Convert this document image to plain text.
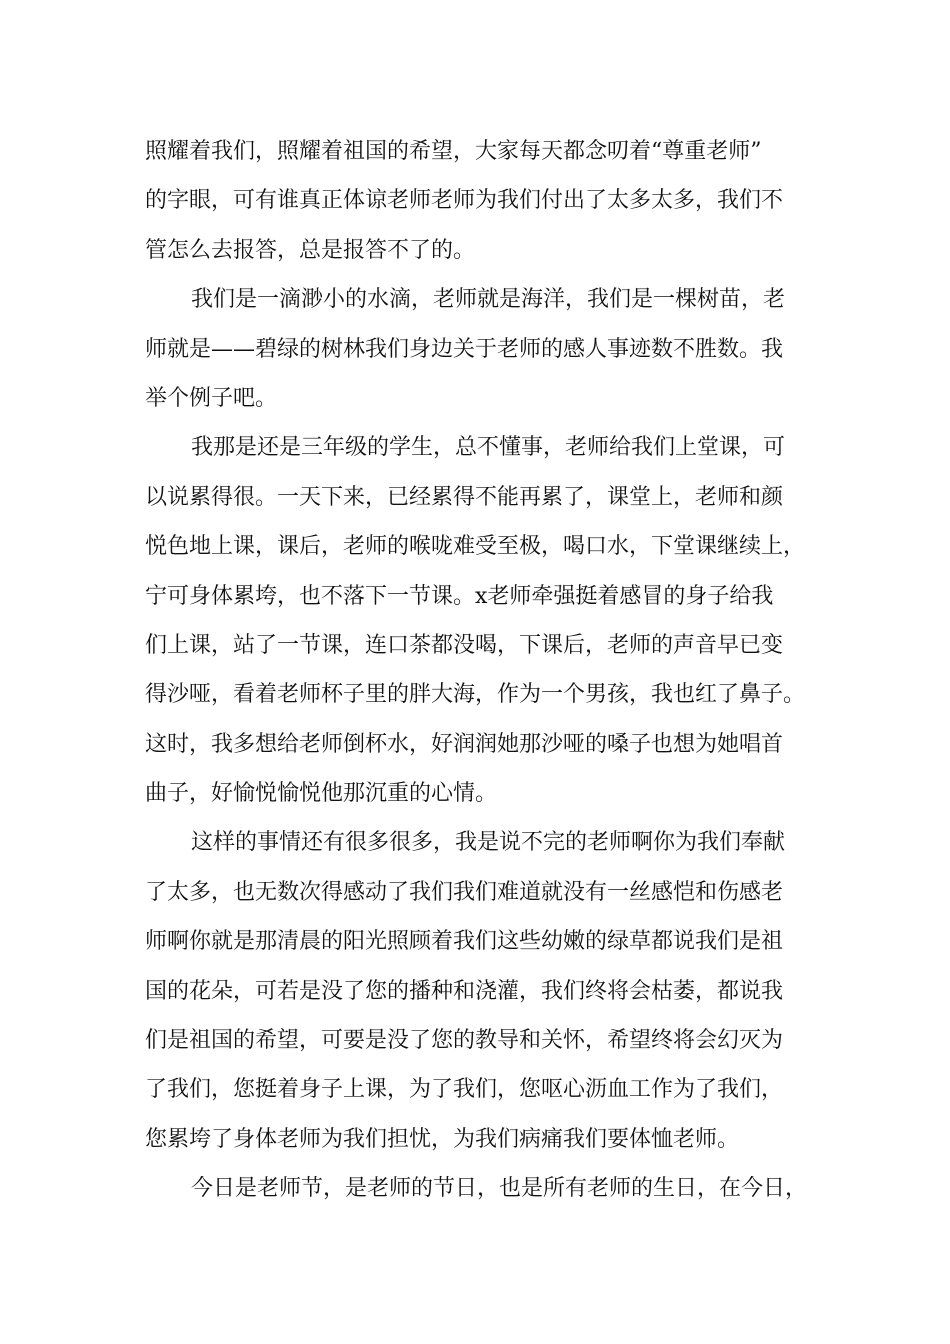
照耀着我们，照耀着祖国的希望，大家每天都念叨着“尊重老师”
的字眼，可有谁真正体谅老师老师为我们付出了太多太多，我们不
管怎么去报答，总是报答不了的。
我们是一滴渺小的水滴，老师就是海洋，我们是一棵树苗，老
师就是——碧绿的树林我们身边关于老师的感人事迹数不胜数。我
举个例子吧。
我那是还是三年级的学生，总不懂事，老师给我们上堂课，可
以说累得很。一天下来，已经累得不能再累了，课堂上，老师和颜
悦色地上课，课后，老师的喉咙难受至极，喝口水，下堂课继续上，
宁可身体累垮，也不落下一节课。x老师牵强挺着感冒的身子给我
们上课，站了一节课，连口茶都没喝，下课后，老师的声音早已变
得沙哑，看着老师杯子里的胖大海，作为一个男孩，我也红了鼻子。
这时，我多想给老师倒杯水，好润润她那沙哑的嗓子也想为她唱首
曲子，好愉悦愉悦他那沉重的心情。
这样的事情还有很多很多，我是说不完的老师啊你为我们奉献
了太多，也无数次得感动了我们我们难道就没有一丝感恺和伤感老
师啊你就是那清晨的阳光照顾着我们这些幼嫩的绿草都说我们是祖
国的花朵，可若是没了您的播种和浇灌，我们终将会枯萎，都说我
们是祖国的希望，可要是没了您的教导和关怀，希望终将会幻灭为
了我们，您挺着身子上课，为了我们，您呕心沥血工作为了我们，
您累垮了身体老师为我们担忧，为我们病痛我们要体恤老师。
今日是老师节，是老师的节日，也是所有老师的生日，在今日，
